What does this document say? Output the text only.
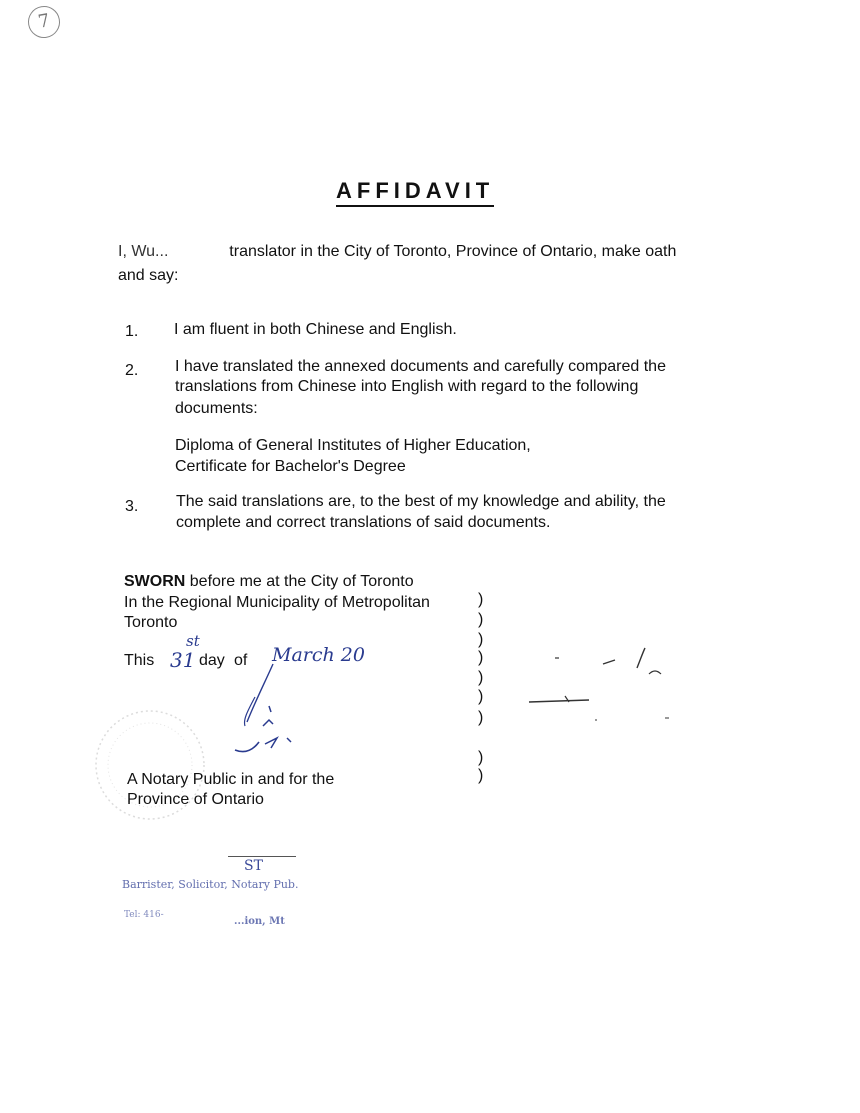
7
AFFIDAVIT
I, Wu...	translator in the City of Toronto, Province of Ontario, make oath
and say:
1.	I am fluent in both Chinese and English.
2.	I have translated the annexed documents and carefully compared the
translations from Chinese into English with regard to the following
documents:
Diploma of General Institutes of Higher Education,
Certificate for Bachelor's Degree
3.	The said translations are, to the best of my knowledge and ability, the
complete and correct translations of said documents.
SWORN before me at the City of Toronto
In the Regional Municipality of Metropolitan
Toronto
This 31
st
day of March 20
A Notary Public in and for the
Province of Ontario
)
)
)
)
)
)
)
)
)
ST
Barrister, Solicitor, Notary Pub.
Tel: 416-
...ion, Mt
